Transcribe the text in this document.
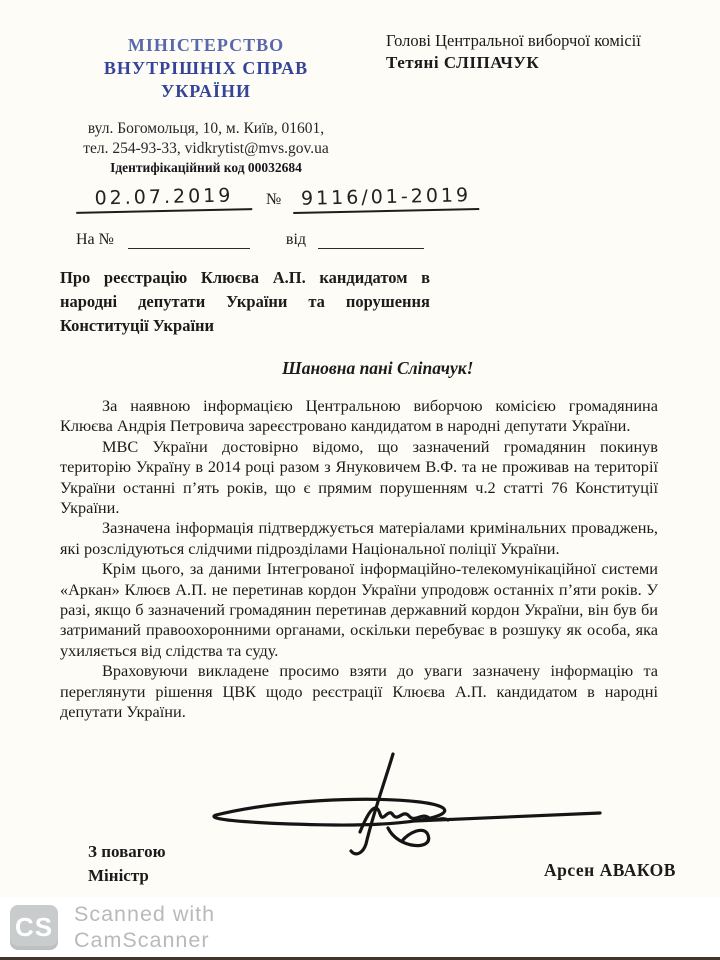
МІНІСТЕРСТВО
ВНУТРІШНІХ СПРАВ
УКРАЇНИ
вул. Богомольця, 10, м. Київ, 01601,
тел. 254-93-33, vidkrytist@mvs.gov.ua
Ідентифікаційний код 00032684
Голові Центральної виборчої комісії
Тетяні СЛІПАЧУК
02.07.2019	№	9116/01-2019
На №	від
Про реєстрацію Клюєва А.П. кандидатом в народні депутати України та порушення Конституції України
Шановна пані Сліпачук!

За наявною інформацією Центральною виборчою комісією громадянина Клюєва Андрія Петровича зареєстровано кандидатом в народні депутати України.

МВС України достовірно відомо, що зазначений громадянин покинув територію Україну в 2014 році разом з Януковичем В.Ф. та не проживав на території України останні п’ять років, що є прямим порушенням ч.2 статті 76 Конституції України.

Зазначена інформація підтверджується матеріалами кримінальних проваджень, які розслідуються слідчими підрозділами Національної поліції України.

Крім цього, за даними Інтегрованої інформаційно-телекомунікаційної системи «Аркан» Клюєв А.П. не перетинав кордон України упродовж останніх п’яти років. У разі, якщо б зазначений громадянин перетинав державний кордон України, він був би затриманий правоохоронними органами, оскільки перебуває в розшуку як особа, яка ухиляється від слідства та суду.

Враховуючи викладене просимо взяти до уваги зазначену інформацію та переглянути рішення ЦВК щодо реєстрації Клюєва А.П. кандидатом в народні депутати України.

З повагою
Міністр	Арсен АВАКОВ
CS Scanned with
CamScanner
